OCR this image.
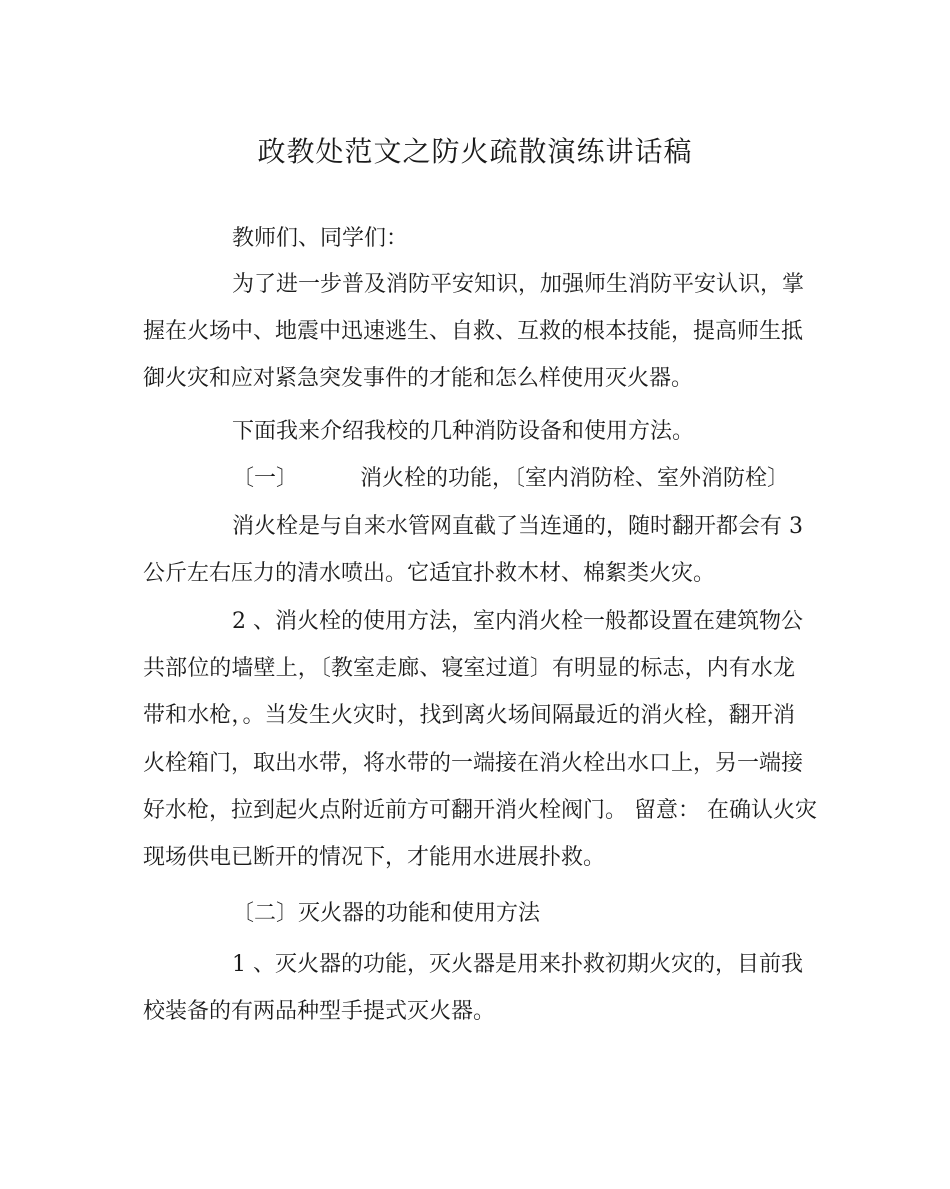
政教处范文之防火疏散演练讲话稿
教师们、同学们：
为了进一步普及消防平安知识，加强师生消防平安认识，掌
握在火场中、地震中迅速逃生、自救、互救的根本技能，提高师生抵
御火灾和应对紧急突发事件的才能和怎么样使用灭火器。
下面我来介绍我校的几种消防设备和使用方法。
〔一〕	消火栓的功能，〔室内消防栓、室外消防栓〕
消火栓是与自来水管网直截了当连通的，随时翻开都会有 3
公斤左右压力的清水喷出。它适宜扑救木材、棉絮类火灾。
2 、消火栓的使用方法，室内消火栓一般都设置在建筑物公
共部位的墙壁上，〔教室走廊、寝室过道〕有明显的标志，内有水龙
带和水枪，。当发生火灾时，找到离火场间隔最近的消火栓，翻开消
火栓箱门，取出水带，将水带的一端接在消火栓出水口上，另一端接
好水枪，拉到起火点附近前方可翻开消火栓阀门。 留意： 在确认火灾
现场供电已断开的情况下，才能用水进展扑救。
〔二〕灭火器的功能和使用方法
1 、灭火器的功能，灭火器是用来扑救初期火灾的，目前我
校装备的有两品种型手提式灭火器。
